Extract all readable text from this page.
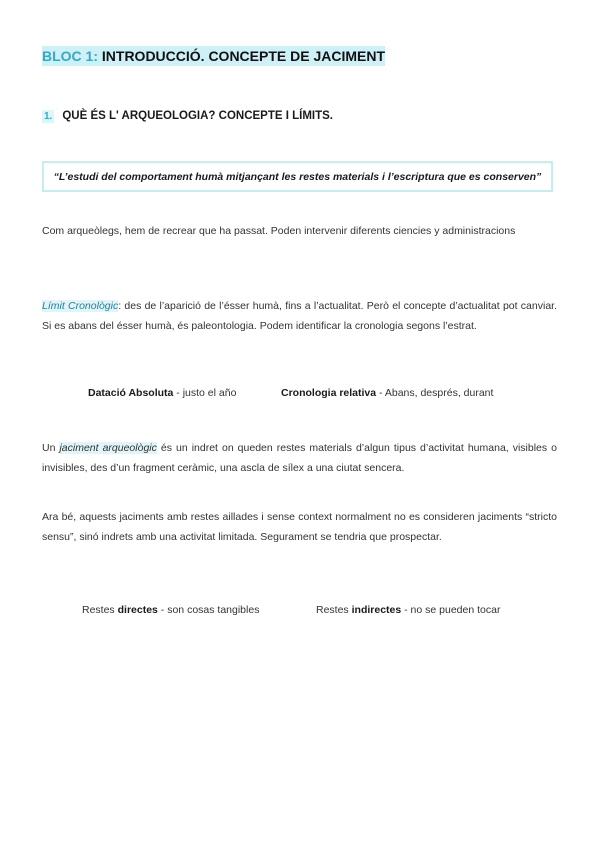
BLOC 1: INTRODUCCIÓ. CONCEPTE DE JACIMENT
1. QUÈ ÉS L' ARQUEOLOGIA? CONCEPTE I LÍMITS.

“L’estudi del comportament humà mitjançant les restes materials i l’escriptura que es conserven”

Com arqueòlegs, hem de recrear que ha passat. Poden intervenir diferents ciencies y administracions

Límit Cronològic: des de l’aparició de l’ésser humà, fins a l’actualitat. Però el concepte d’actualitat pot canviar. Si es abans del ésser humà, és paleontologia. Podem identificar la cronologia segons l’estrat.

Datació Absoluta - justo el año	Cronologia relativa - Abans, després, durant

Un jaciment arqueològic és un indret on queden restes materials d’algun tipus d’activitat humana, visibles o invisibles, des d’un fragment ceràmic, una ascla de sílex a una ciutat sencera.

Ara bé, aquests jaciments amb restes aillades i sense context normalment no es consideren jaciments “stricto sensu”, sinó indrets amb una activitat limitada. Segurament se tendria que prospectar.

Restes directes - son cosas tangibles	Restes indirectes - no se pueden tocar
